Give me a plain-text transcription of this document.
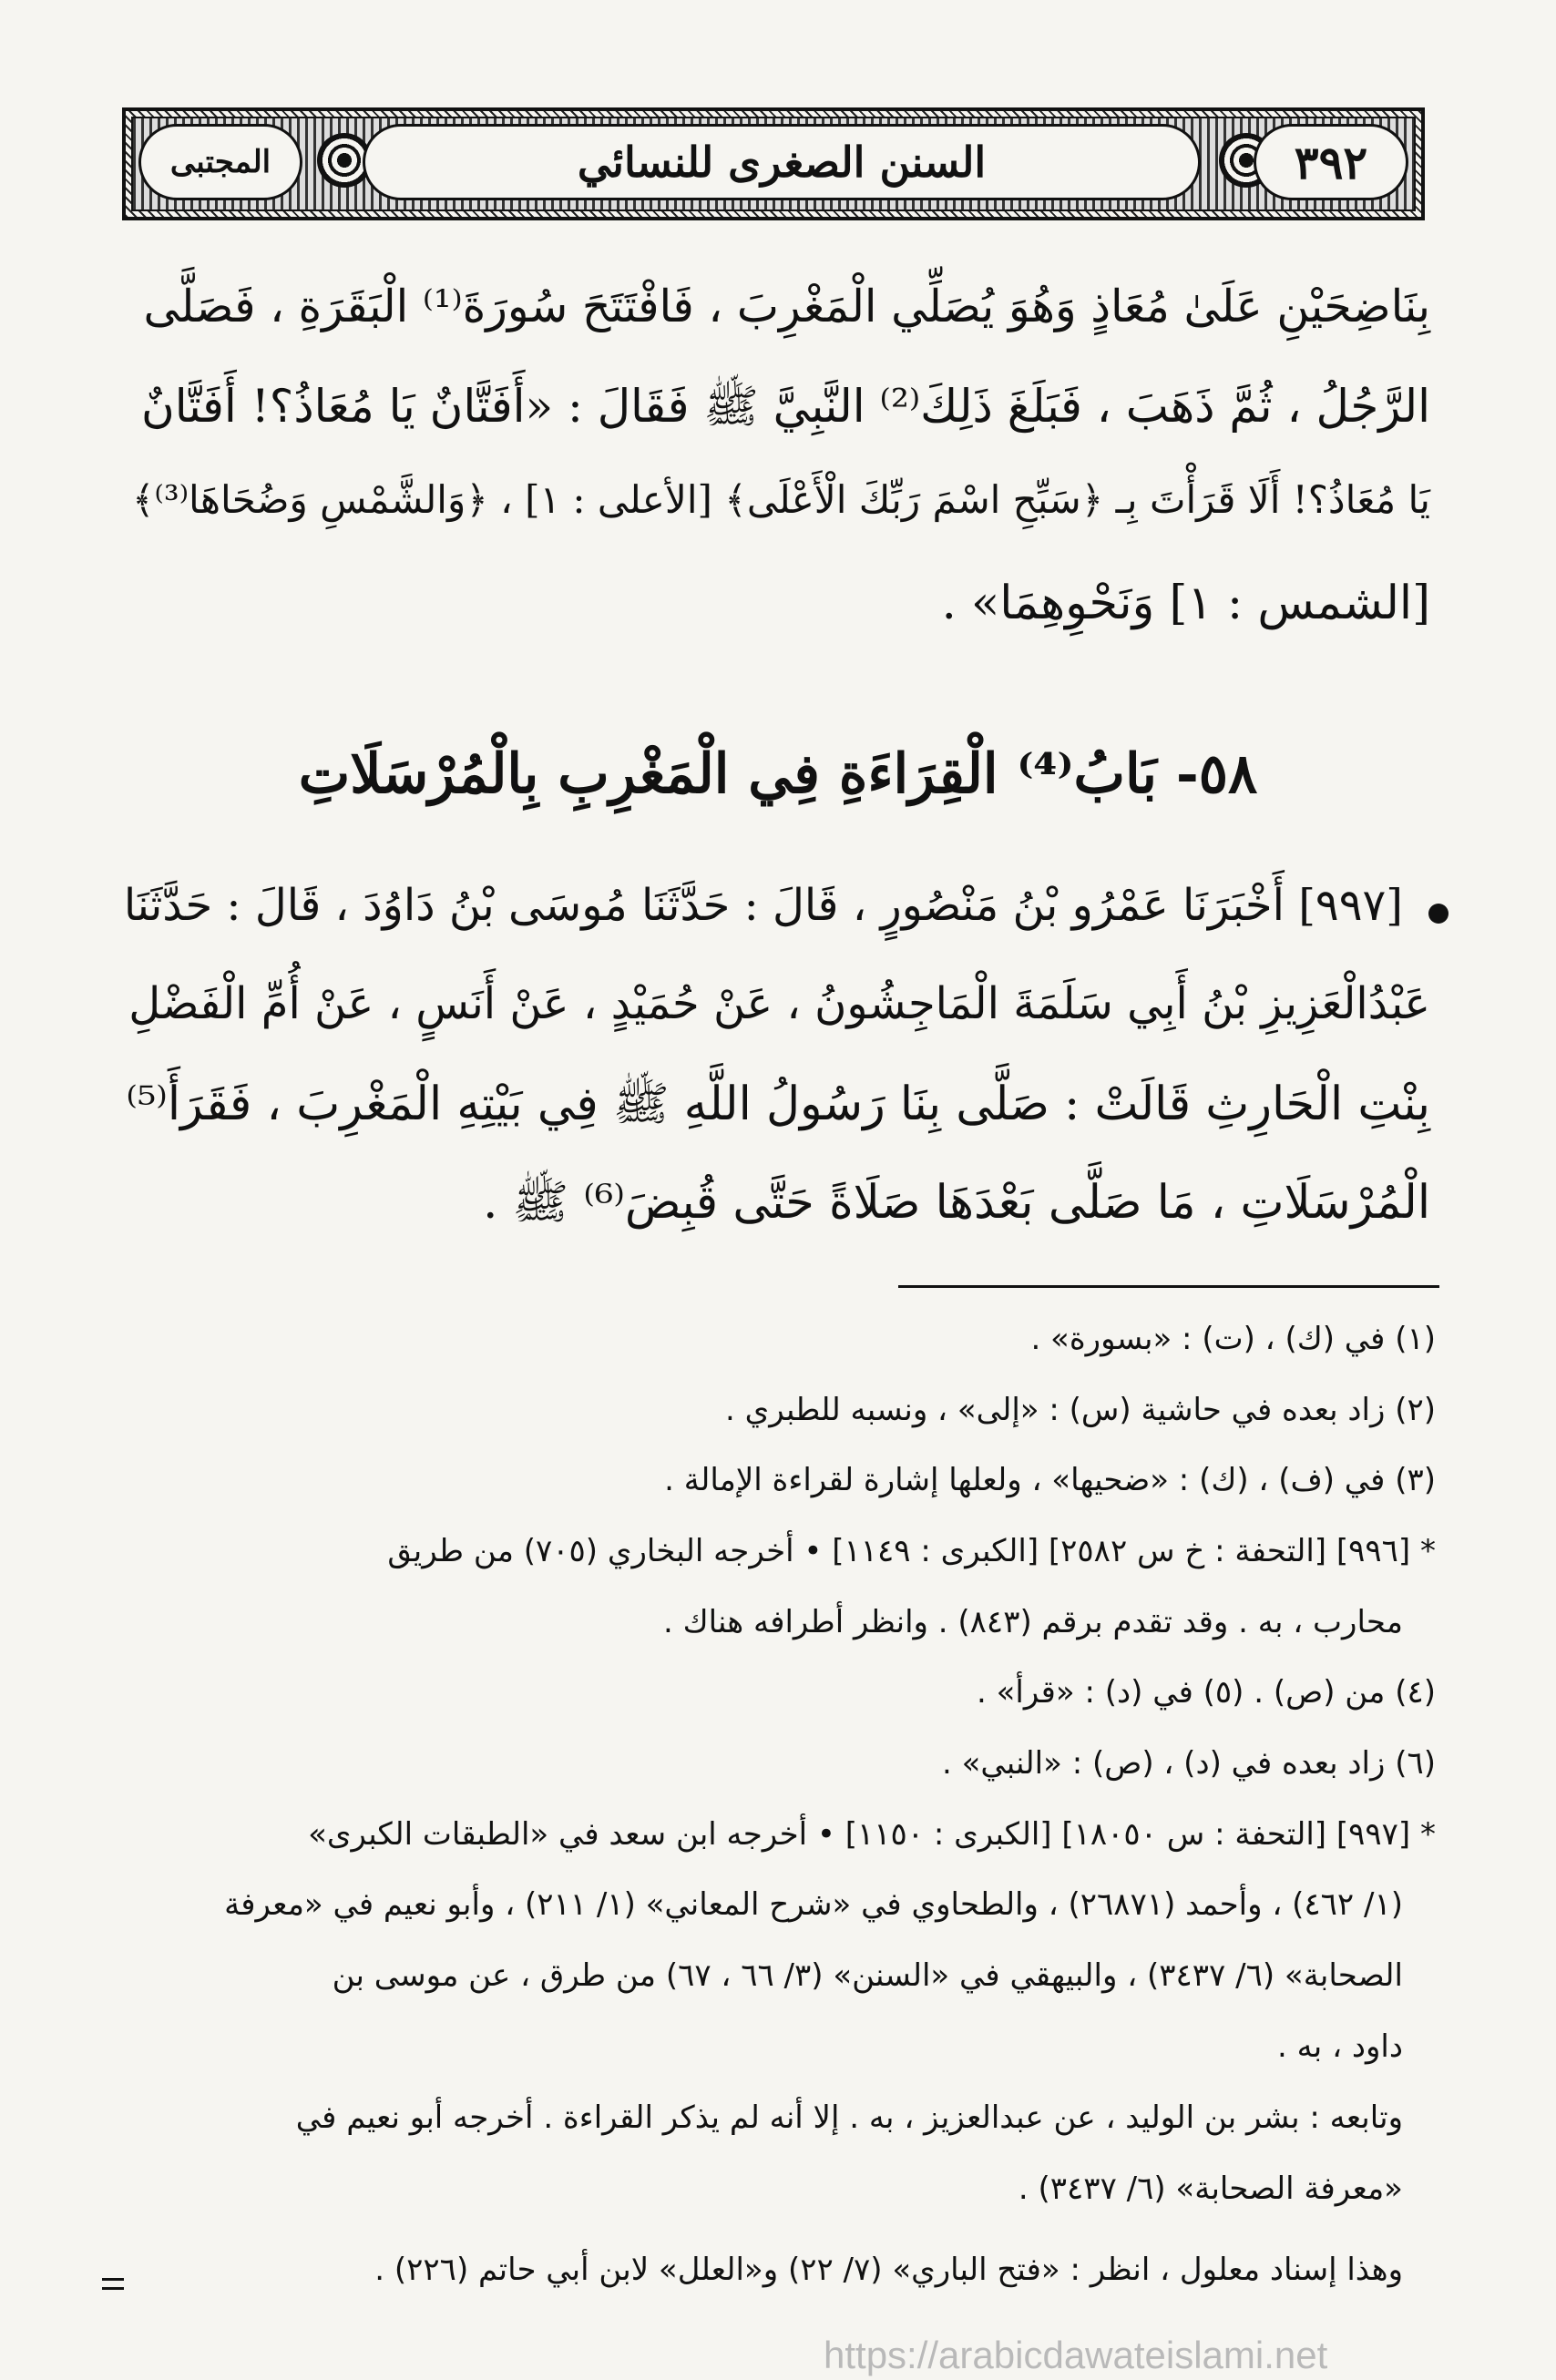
المجتبى	السنن الصغرى للنسائي	٣٩٢
بِنَاضِحَيْنِ عَلَىٰ مُعَاذٍ وَهُوَ يُصَلِّي الْمَغْرِبَ ، فَافْتَتَحَ سُورَةَ⁽¹⁾ الْبَقَرَةِ ، فَصَلَّى
الرَّجُلُ ، ثُمَّ ذَهَبَ ، فَبَلَغَ ذَلِكَ⁽²⁾ النَّبِيَّ ﷺ فَقَالَ : «أَفَتَّانٌ يَا مُعَاذُ؟! أَفَتَّانٌ
يَا مُعَاذُ؟! أَلَا قَرَأْتَ بِـ ﴿سَبِّحِ اسْمَ رَبِّكَ الْأَعْلَى﴾ [الأعلى : ١] ، ﴿وَالشَّمْسِ وَضُحَاهَا⁽³⁾﴾
[الشمس : ١] وَنَحْوِهِمَا» .
٥٨- بَابُ⁽⁴⁾ الْقِرَاءَةِ فِي الْمَغْرِبِ بِالْمُرْسَلَاتِ
[٩٩٧] أَخْبَرَنَا عَمْرُو بْنُ مَنْصُورٍ ، قَالَ : حَدَّثَنَا مُوسَى بْنُ دَاوُدَ ، قَالَ : حَدَّثَنَا
عَبْدُالْعَزِيزِ بْنُ أَبِي سَلَمَةَ الْمَاجِشُونُ ، عَنْ حُمَيْدٍ ، عَنْ أَنَسٍ ، عَنْ أُمِّ الْفَضْلِ
بِنْتِ الْحَارِثِ قَالَتْ : صَلَّى بِنَا رَسُولُ اللَّهِ ﷺ فِي بَيْتِهِ الْمَغْرِبَ ، فَقَرَأَ⁽⁵⁾
الْمُرْسَلَاتِ ، مَا صَلَّى بَعْدَهَا صَلَاةً حَتَّى قُبِضَ⁽⁶⁾ ﷺ .
(١) في (ك) ، (ت) : «بسورة» .
(٢) زاد بعده في حاشية (س) : «إلى» ، ونسبه للطبري .
(٣) في (ف) ، (ك) : «ضحيها» ، ولعلها إشارة لقراءة الإمالة .
* [٩٩٦] [التحفة : خ س ٢٥٨٢] [الكبرى : ١١٤٩] • أخرجه البخاري (٧٠٥) من طريق
محارب ، به . وقد تقدم برقم (٨٤٣) . وانظر أطرافه هناك .
(٤) من (ص) . (٥) في (د) : «قرأ» .
(٦) زاد بعده في (د) ، (ص) : «النبي» .
* [٩٩٧] [التحفة : س ١٨٠٥٠] [الكبرى : ١١٥٠] • أخرجه ابن سعد في «الطبقات الكبرى»
(١/ ٤٦٢) ، وأحمد (٢٦٨٧١) ، والطحاوي في «شرح المعاني» (١/ ٢١١) ، وأبو نعيم في «معرفة
الصحابة» (٦/ ٣٤٣٧) ، والبيهقي في «السنن» (٣/ ٦٦ ، ٦٧) من طرق ، عن موسى بن
داود ، به .
وتابعه : بشر بن الوليد ، عن عبدالعزيز ، به . إلا أنه لم يذكر القراءة . أخرجه أبو نعيم في
«معرفة الصحابة» (٦/ ٣٤٣٧) .
وهذا إسناد معلول ، انظر : «فتح الباري» (٧/ ٢٢) و«العلل» لابن أبي حاتم (٢٢٦) .
https://arabicdawateislami.net
